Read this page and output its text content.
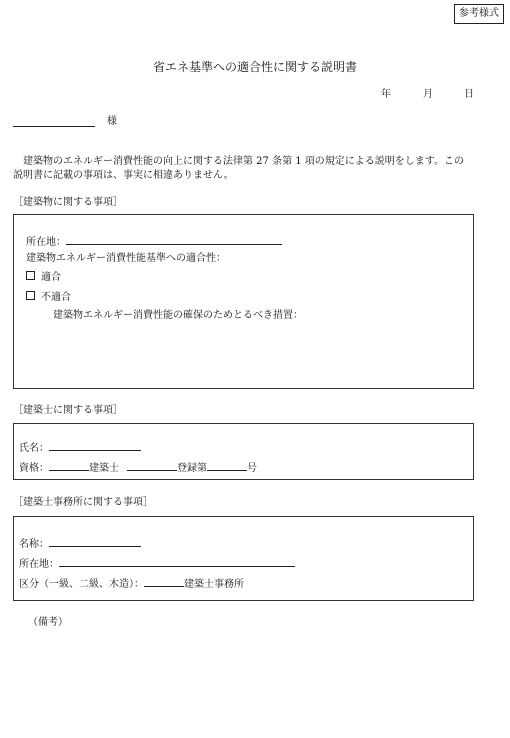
参考様式
省エネ基準への適合性に関する説明書
年	月	日
様
建築物のエネルギー消費性能の向上に関する法律第 27 条第 1 項の規定による説明をします。この
説明書に記載の事項は、事実に相違ありません。
［建築物に関する事項］
所在地：
建築物エネルギー消費性能基準への適合性：
適合
不適合
建築物エネルギー消費性能の確保のためとるべき措置：
［建築士に関する事項］
氏名：
資格：	建築士	登録第	号
［建築士事務所に関する事項］
名称：
所在地：
区分（一級、二級、木造）：	建築士事務所
（備考）
